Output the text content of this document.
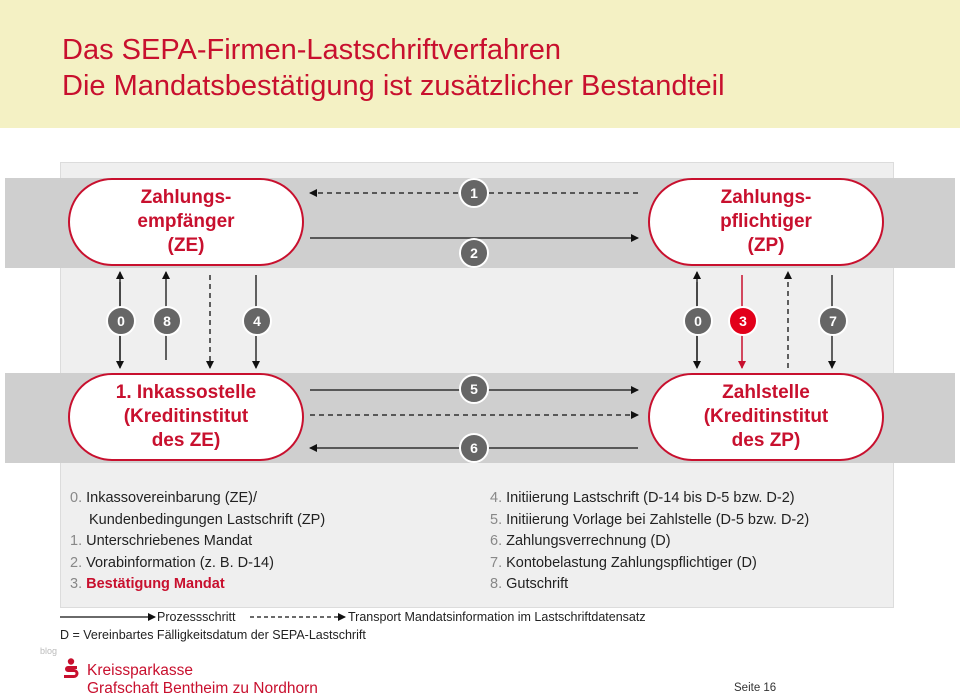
Das SEPA-Firmen-Lastschriftverfahren
Die Mandatsbestätigung ist zusätzlicher Bestandteil
Zahlungs-
empfänger
(ZE)
Zahlungs-
pflichtiger
(ZP)
1. Inkassostelle
(Kreditinstitut
des ZE)
Zahlstelle
(Kreditinstitut
des ZP)
1
2
5
6
0	8	4	0	3	7
0. Inkassovereinbarung (ZE)/
Kundenbedingungen Lastschrift (ZP)
1. Unterschriebenes Mandat
2. Vorabinformation (z. B. D-14)
3. Bestätigung Mandat
4. Initiierung Lastschrift (D-14 bis D-5 bzw. D-2)
5. Initiierung Vorlage bei Zahlstelle (D-5 bzw. D-2)
6. Zahlungsverrechnung (D)
7. Kontobelastung Zahlungspflichtiger (D)
8. Gutschrift
Prozessschritt	Transport Mandatsinformation im Lastschriftdatensatz
D = Vereinbartes Fälligkeitsdatum der SEPA-Lastschrift
blog
Kreissparkasse
Grafschaft Bentheim zu Nordhorn	Seite 16
